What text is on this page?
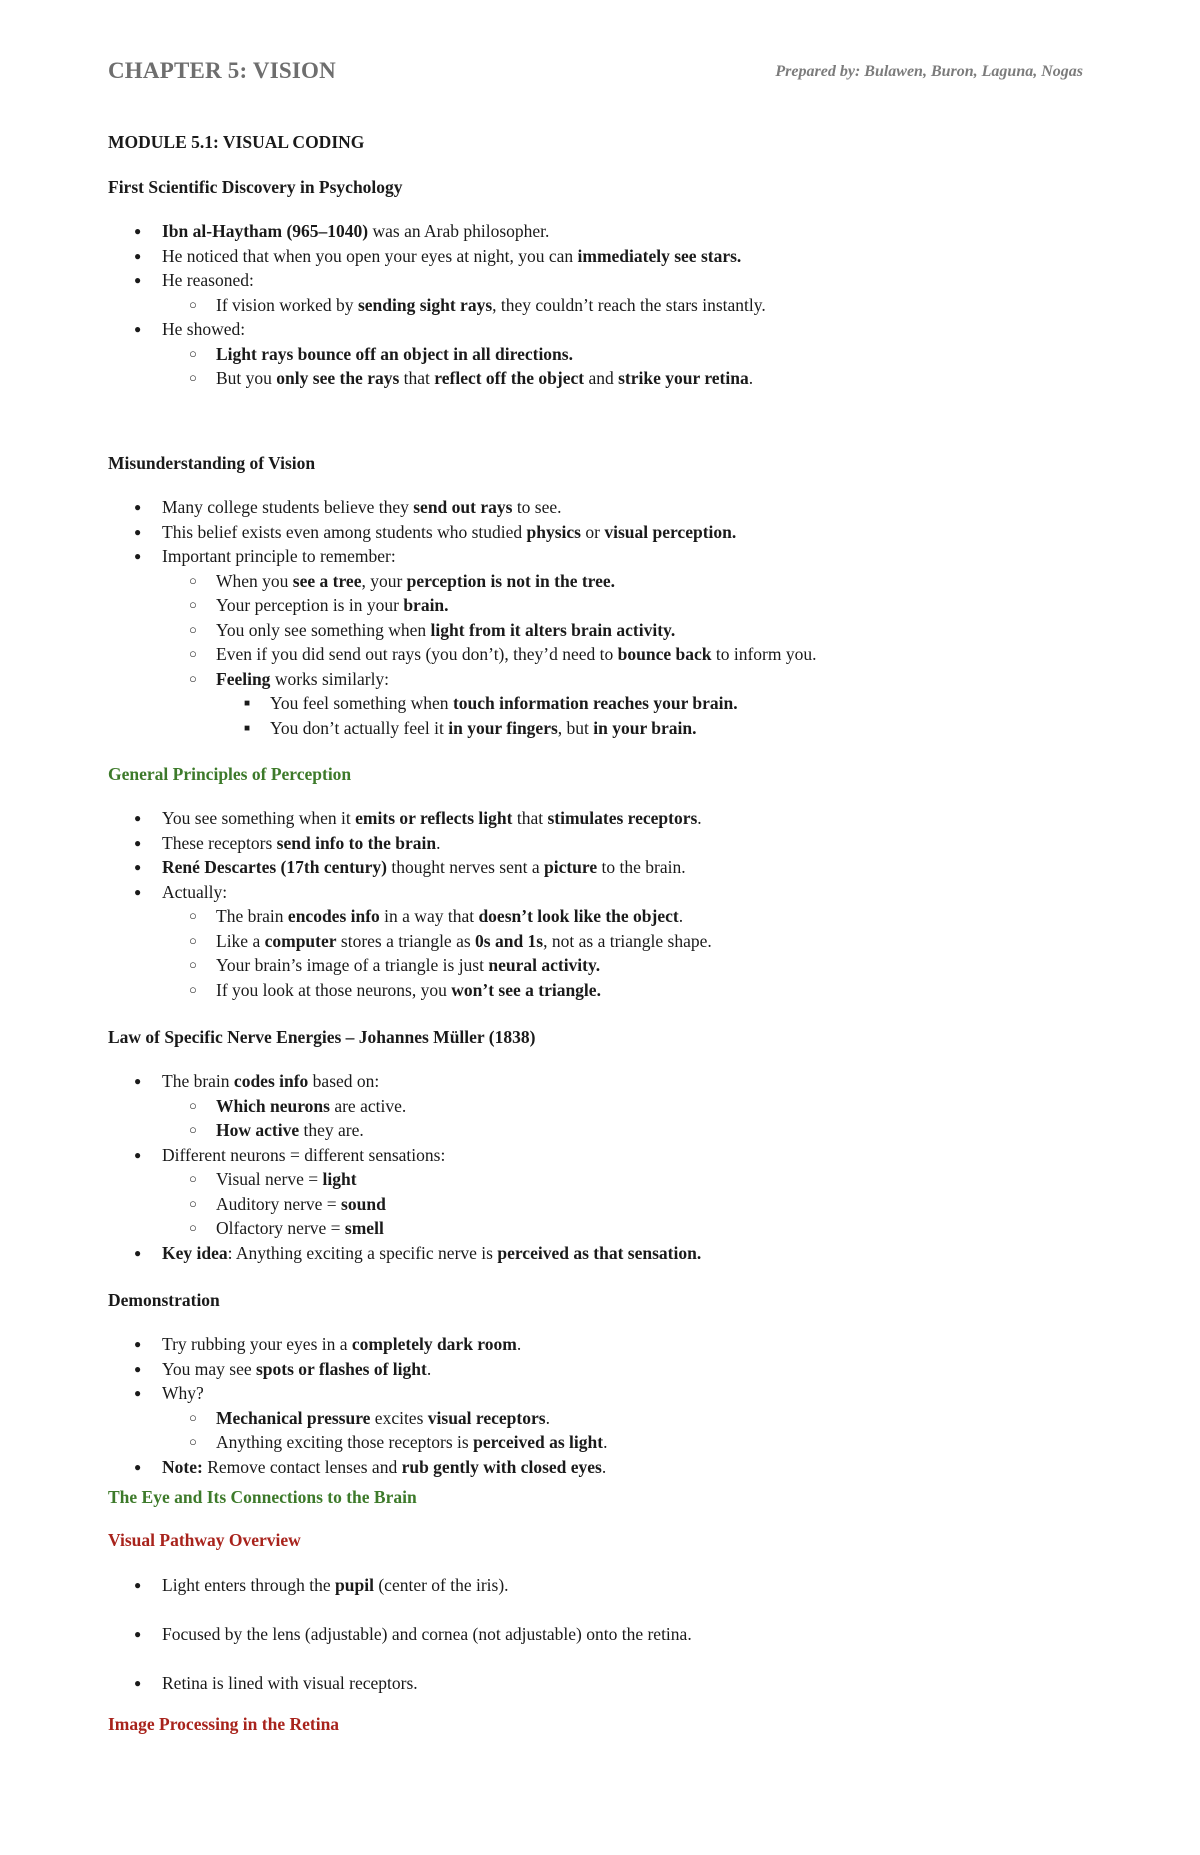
CHAPTER 5: VISION	Prepared by: Bulawen, Buron, Laguna, Nogas
MODULE 5.1: VISUAL CODING
First Scientific Discovery in Psychology
● Ibn al-Haytham (965–1040) was an Arab philosopher.
● He noticed that when you open your eyes at night, you can immediately see stars.
● He reasoned:
○ If vision worked by sending sight rays, they couldn’t reach the stars instantly.
● He showed:
○ Light rays bounce off an object in all directions.
○ But you only see the rays that reflect off the object and strike your retina.
Misunderstanding of Vision
● Many college students believe they send out rays to see.
● This belief exists even among students who studied physics or visual perception.
● Important principle to remember:
○ When you see a tree, your perception is not in the tree.
○ Your perception is in your brain.
○ You only see something when light from it alters brain activity.
○ Even if you did send out rays (you don’t), they’d need to bounce back to inform you.
○ Feeling works similarly:
■ You feel something when touch information reaches your brain.
■ You don’t actually feel it in your fingers, but in your brain.
General Principles of Perception
● You see something when it emits or reflects light that stimulates receptors.
● These receptors send info to the brain.
● René Descartes (17th century) thought nerves sent a picture to the brain.
● Actually:
○ The brain encodes info in a way that doesn’t look like the object.
○ Like a computer stores a triangle as 0s and 1s, not as a triangle shape.
○ Your brain’s image of a triangle is just neural activity.
○ If you look at those neurons, you won’t see a triangle.
Law of Specific Nerve Energies – Johannes Müller (1838)
● The brain codes info based on:
○ Which neurons are active.
○ How active they are.
● Different neurons = different sensations:
○ Visual nerve = light
○ Auditory nerve = sound
○ Olfactory nerve = smell
● Key idea: Anything exciting a specific nerve is perceived as that sensation.
Demonstration
● Try rubbing your eyes in a completely dark room.
● You may see spots or flashes of light.
● Why?
○ Mechanical pressure excites visual receptors.
○ Anything exciting those receptors is perceived as light.
● Note: Remove contact lenses and rub gently with closed eyes.
The Eye and Its Connections to the Brain
Visual Pathway Overview
● Light enters through the pupil (center of the iris).
● Focused by the lens (adjustable) and cornea (not adjustable) onto the retina.
● Retina is lined with visual receptors.
Image Processing in the Retina
